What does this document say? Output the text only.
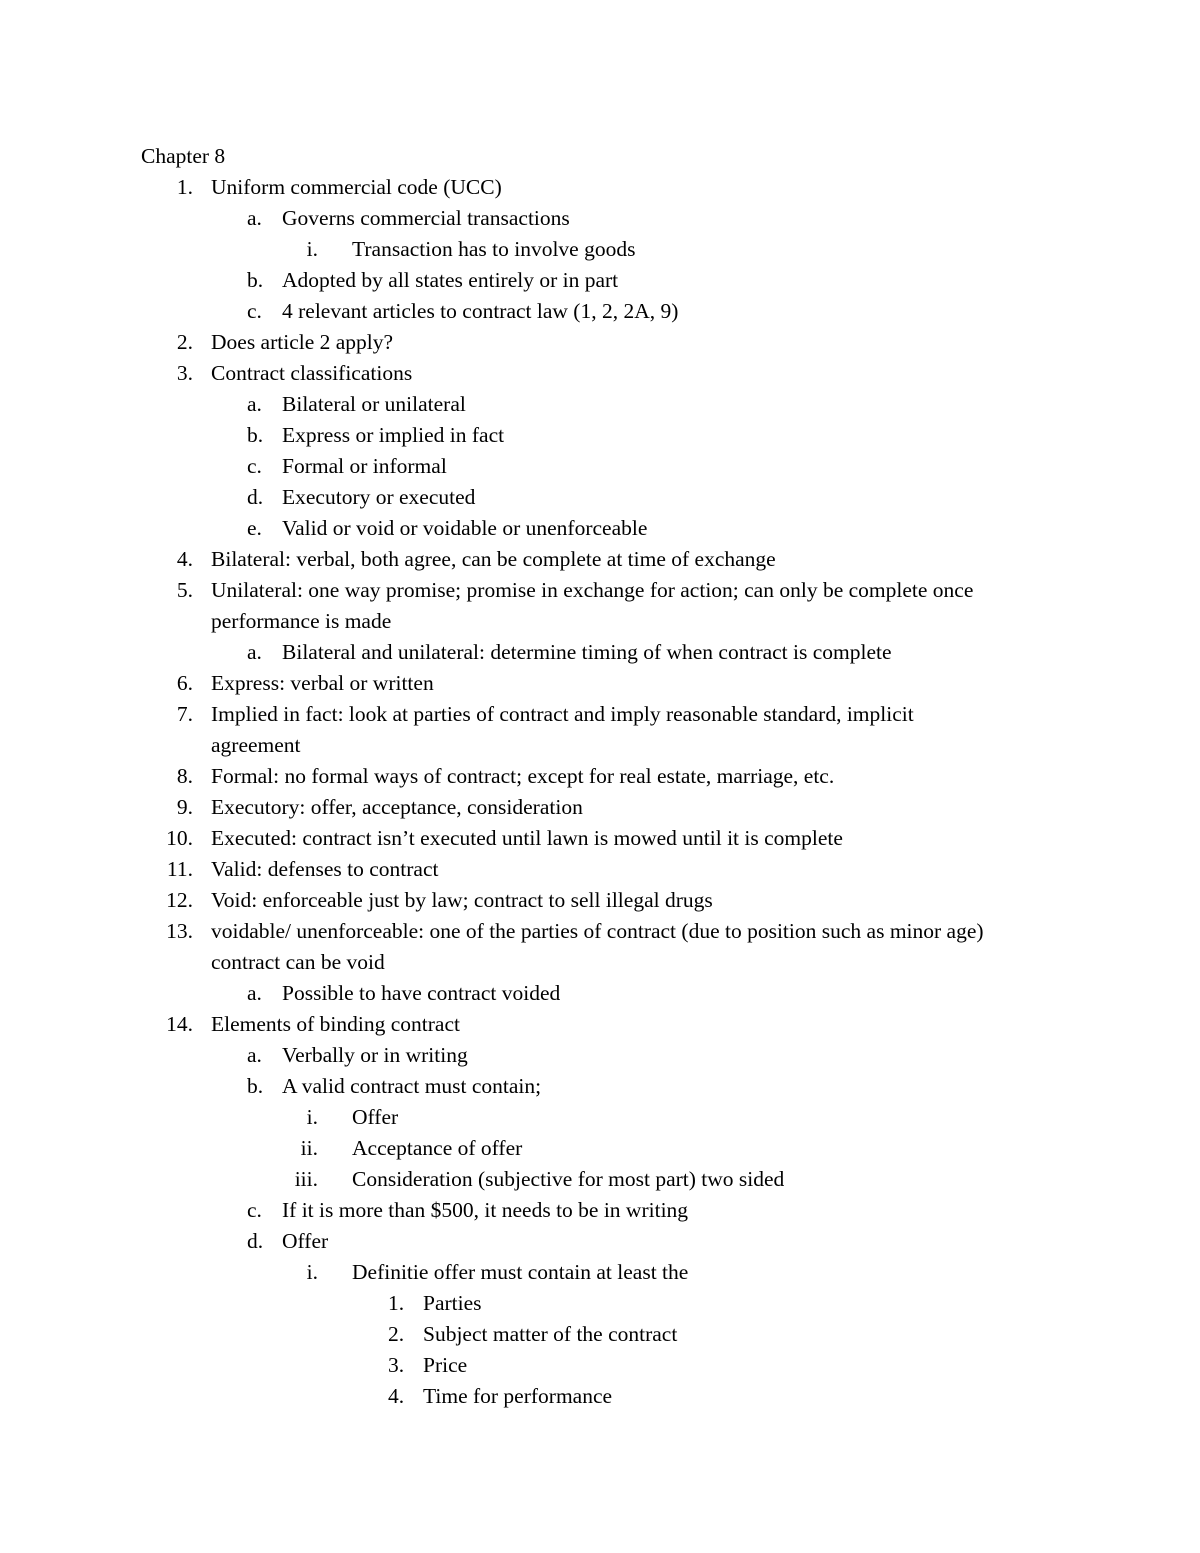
Chapter 8
1. Uniform commercial code (UCC)
a. Governs commercial transactions
i. Transaction has to involve goods
b. Adopted by all states entirely or in part
c. 4 relevant articles to contract law (1, 2, 2A, 9)
2. Does article 2 apply?
3. Contract classifications
a. Bilateral or unilateral
b. Express or implied in fact
c. Formal or informal
d. Executory or executed
e. Valid or void or voidable or unenforceable
4. Bilateral: verbal, both agree, can be complete at time of exchange
5. Unilateral: one way promise; promise in exchange for action; can only be complete once
performance is made
a. Bilateral and unilateral: determine timing of when contract is complete
6. Express: verbal or written
7. Implied in fact: look at parties of contract and imply reasonable standard, implicit
agreement
8. Formal: no formal ways of contract; except for real estate, marriage, etc.
9. Executory: offer, acceptance, consideration
10. Executed: contract isn’t executed until lawn is mowed until it is complete
11. Valid: defenses to contract
12. Void: enforceable just by law; contract to sell illegal drugs
13. voidable/ unenforceable: one of the parties of contract (due to position such as minor age)
contract can be void
a. Possible to have contract voided
14. Elements of binding contract
a. Verbally or in writing
b. A valid contract must contain;
i. Offer
ii. Acceptance of offer
iii. Consideration (subjective for most part) two sided
c. If it is more than $500, it needs to be in writing
d. Offer
i. Definitie offer must contain at least the
1. Parties
2. Subject matter of the contract
3. Price
4. Time for performance
